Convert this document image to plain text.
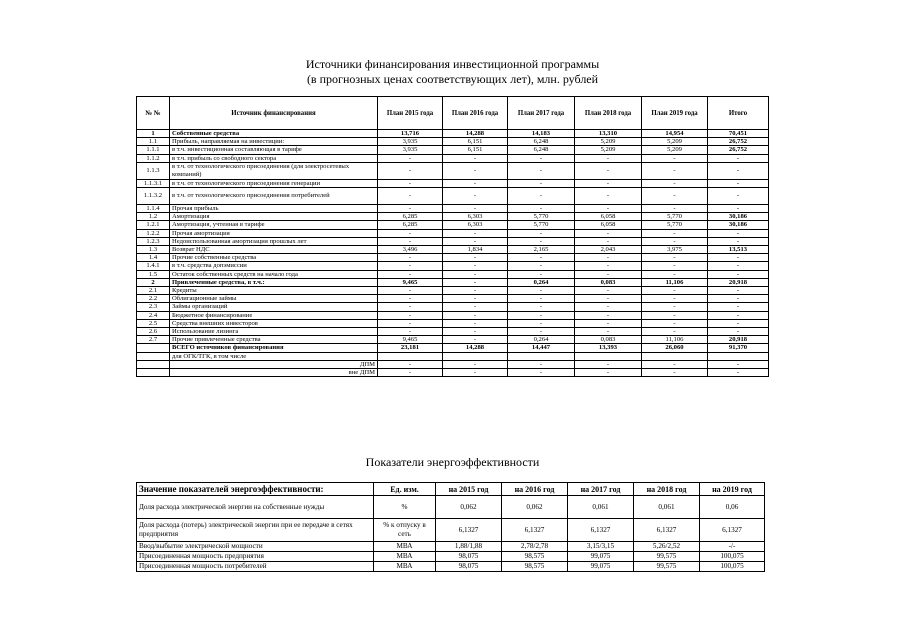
Источники финансирования инвестиционной программы
(в прогнозных ценах соответствующих лет), млн. рублей
№ №	Источник финансирования	План 2015 года	План 2016 года	План 2017 года	План 2018 года	План 2019 года	Итого
1	Собственные средства	13,716	14,288	14,183	13,310	14,954	70,451
1.1	Прибыль, направляемая на инвестиции:	3,935	6,151	6,248	5,209	5,209	26,752
1.1.1	в т.ч. инвестиционная составляющая в тарифе	3,935	6,151	6,248	5,209	5,209	26,752
1.1.2	в т.ч. прибыль со свободного сектора	-	-	-	-	-	-
1.1.3	в т.ч. от технологического присоединения (для электросетевых компаний)	-	-	-	-	-	-
1.1.3.1	в т.ч. от технологического присоединения генерации	-	-	-	-	-	-
1.1.3.2	в т.ч. от технологического присоединения потребителей	-	-	-	-	-	-
1.1.4	Прочая прибыль	-	-	-	-	-	-
1.2	Амортизация	6,285	6,303	5,770	6,058	5,770	30,186
1.2.1	Амортизация, учтенная в тарифе	6,285	6,303	5,770	6,058	5,770	30,186
1.2.2	Прочая амортизация	-	-	-	-	-	-
1.2.3	Недоиспользованная амортизация прошлых лет	-	-	-	-	-	-
1.3	Возврат НДС	3,496	1,834	2,165	2,043	3,975	13,513
1.4	Прочие собственные средства	-	-	-	-	-	-
1.4.1	в т.ч. средства допэмиссии	-	-	-	-	-	-
1.5	Остаток собственных средств на начало года	-	-	-	-	-	-
2	Привлеченные средства, в т.ч.:	9,465	-	0,264	0,083	11,106	20,918
2.1	Кредиты	-	-	-	-	-	-
2.2	Облигационные займы	-	-	-	-	-	-
2.3	Займы организаций	-	-	-	-	-	-
2.4	Бюджетное финансирование	-	-	-	-	-	-
2.5	Средства внешних инвесторов	-	-	-	-	-	-
2.6	Использование лизинга	-	-	-	-	-	-
2.7	Прочие привлеченные средства	9,465	-	0,264	0,083	11,106	20,918
	ВСЕГО источников финансирования	23,181	14,288	14,447	13,393	26,060	91,370
	для ОГК/ТГК, в том числе						
	ДПМ	-	-	-	-	-	-
	вне ДПМ	-	-	-	-	-	-
Показатели энергоэффективности
Значение показателей энергоэффективности:	Ед. изм.	на 2015 год	на 2016 год	на 2017 год	на 2018 год	на 2019 год
Доля расхода электрической энергии на собственные нужды	%	0,062	0,062	0,061	0,061	0,06
Доля расхода (потерь) электрической энергии при ее передаче в сетях предприятия	% к отпуску в сеть	6,1327	6,1327	6,1327	6,1327	6,1327
Ввод/выбытие электрической мощности	МВА	1,88/1,88	2,78/2,78	3,15/3,15	5,26/2,52	-/-
Присоединенная мощность предприятия	МВА	98,075	98,575	99,075	99,575	100,075
Присоединенная мощность потребителей	МВА	98,075	98,575	99,075	99,575	100,075
